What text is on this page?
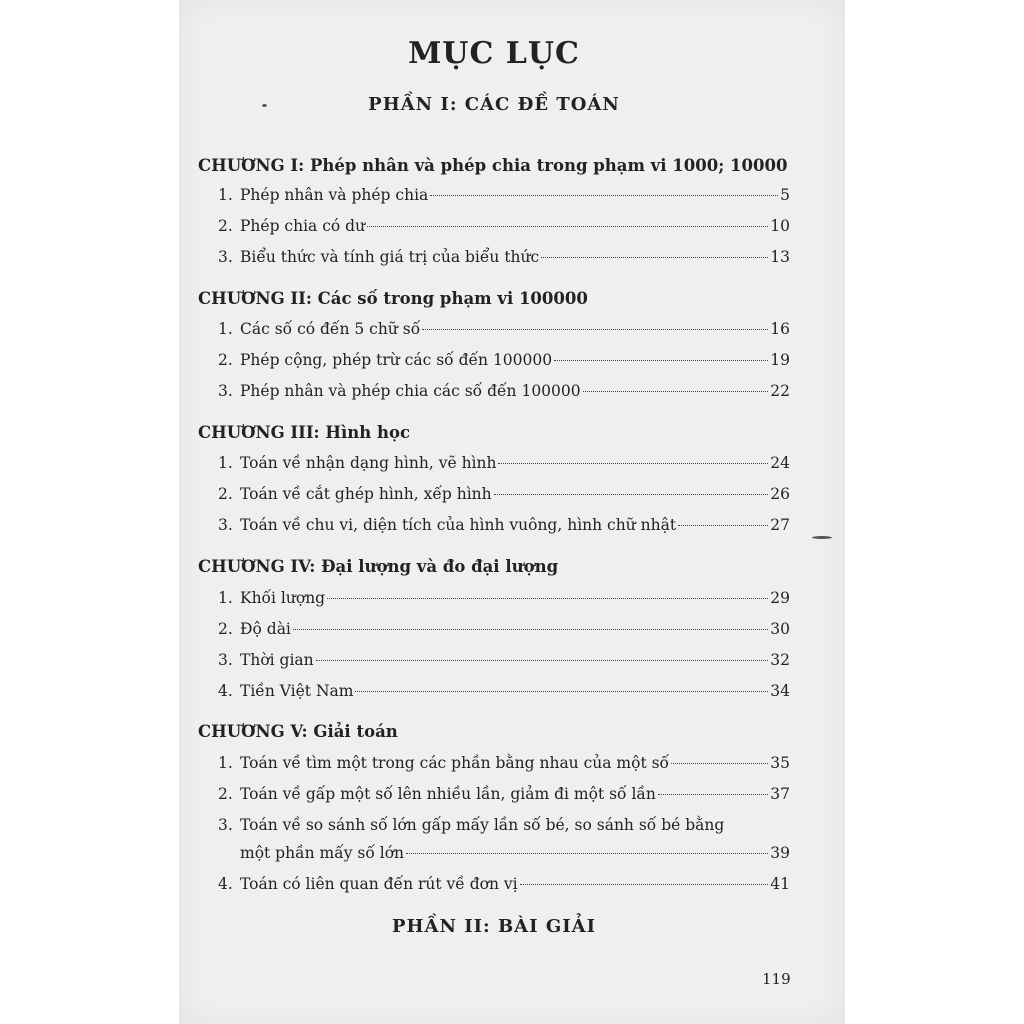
MỤC LỤC
PHẦN I: CÁC ĐỀ TOÁN
CHƯƠNG I: Phép nhân và phép chia trong phạm vi 1000; 10000
1. Phép nhân và phép chia	5
2. Phép chia có dư	10
3. Biểu thức và tính giá trị của biểu thức	13
CHƯƠNG II: Các số trong phạm vi 100000
1. Các số có đến 5 chữ số	16
2. Phép cộng, phép trừ các số đến 100000	19
3. Phép nhân và phép chia các số đến 100000	22
CHƯƠNG III: Hình học
1. Toán về nhận dạng hình, vẽ hình	24
2. Toán về cắt ghép hình, xếp hình	26
3. Toán về chu vi, diện tích của hình vuông, hình chữ nhật	27
CHƯƠNG IV: Đại lượng và đo đại lượng
1. Khối lượng	29
2. Độ dài	30
3. Thời gian	32
4. Tiền Việt Nam	34
CHƯƠNG V: Giải toán
1. Toán về tìm một trong các phần bằng nhau của một số	35
2. Toán về gấp một số lên nhiều lần, giảm đi một số lần	37
3. Toán về so sánh số lớn gấp mấy lần số bé, so sánh số bé bằng
một phần mấy số lớn	39
4. Toán có liên quan đến rút về đơn vị	41
PHẦN II: BÀI GIẢI
119
